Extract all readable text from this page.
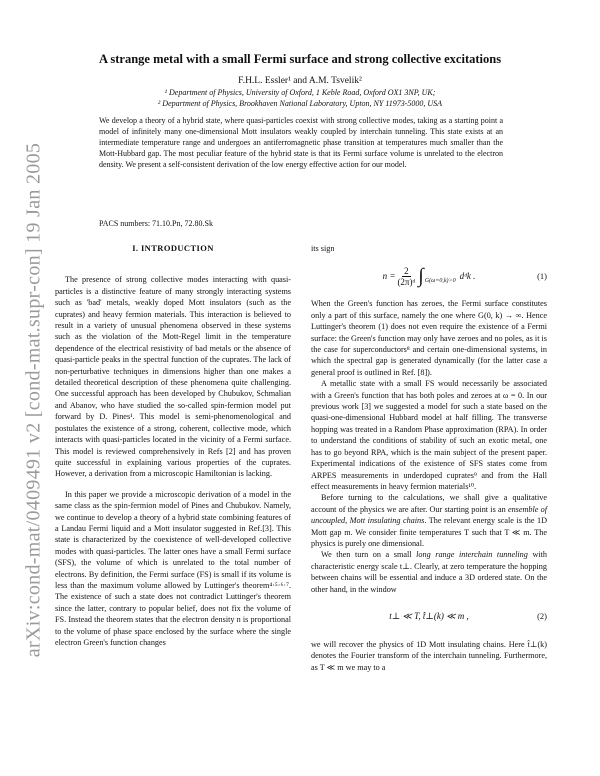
arXiv:cond-mat/0409491 v2 [cond-mat.supr-con] 19 Jan 2005
A strange metal with a small Fermi surface and strong collective excitations
F.H.L. Essler¹ and A.M. Tsvelik²
¹ Department of Physics, University of Oxford, 1 Keble Road, Oxford OX1 3NP, UK;
² Department of Physics, Brookhaven National Laboratory, Upton, NY 11973-5000, USA
We develop a theory of a hybrid state, where quasi-particles coexist with strong collective modes, taking as a starting point a model of infinitely many one-dimensional Mott insulators weakly coupled by interchain tunneling. This state exists at an intermediate temperature range and undergoes an antiferromagnetic phase transition at temperatures much smaller than the Mott-Hubbard gap. The most peculiar feature of the hybrid state is that its Fermi surface volume is unrelated to the electron density. We present a self-consistent derivation of the low energy effective action for our model.
PACS numbers: 71.10.Pn, 72.80.Sk
I. INTRODUCTION

The presence of strong collective modes interacting with quasi-particles is a distinctive feature of many strongly interacting systems such as 'bad' metals, weakly doped Mott insulators (such as the cuprates) and heavy fermion materials. This interaction is believed to result in a variety of unusual phenomena observed in these systems such as the violation of the Mott-Regel limit in the temperature dependence of the electrical resistivity of bad metals or the absence of quasi-particle peaks in the spectral function of the cuprates. The lack of non-perturbative techniques in dimensions higher than one makes a detailed theoretical description of these phenomena quite challenging. One successful approach has been developed by Chubukov, Schmalian and Abanov, who have studied the so-called spin-fermion model put forward by D. Pines¹. This model is semi-phenomenological and postulates the existence of a strong, coherent, collective mode, which interacts with quasi-particles located in the vicinity of a Fermi surface. This model is reviewed comprehensively in Refs [2] and has proven quite successful in explaining various properties of the cuprates. However, a derivation from a microscopic Hamiltonian is lacking.

In this paper we provide a microscopic derivation of a model in the same class as the spin-fermion model of Pines and Chubukov. Namely, we continue to develop a theory of a hybrid state combining features of a Landau Fermi liquid and a Mott insulator suggested in Ref.[3]. This state is characterized by the coexistence of well-developed collective modes with quasi-particles. The latter ones have a small Fermi surface (SFS), the volume of which is unrelated to the total number of electrons. By definition, the Fermi surface (FS) is small if its volume is less than the maximum volume allowed by Luttinger's theorem⁴·⁵·⁶·⁷. The existence of such a state does not contradict Luttinger's theorem since the latter, contrary to popular belief, does not fix the volume of FS. Instead the theorem states that the electron density n is proportional to the volume of phase space enclosed by the surface where the single electron Green's function changes

its sign

$n = \frac{2}{\text{(2π)ᵈ}}$ ∫ G(ω=0,k)>0 dᵈk .	(1)

When the Green's function has zeroes, the Fermi surface constitutes only a part of this surface, namely the one where G(0, k) → ∞. Hence Luttinger's theorem (1) does not even require the existence of a Fermi surface: the Green's function may only have zeroes and no poles, as it is the case for superconductors⁸ and certain one-dimensional systems, in which the spectral gap is generated dynamically (for the latter case a general proof is outlined in Ref. [8]).

A metallic state with a small FS would necessarily be associated with a Green's function that has both poles and zeroes at ω = 0. In our previous work [3] we suggested a model for such a state based on the quasi-one-dimensional Hubbard model at half filling. The transverse hopping was treated in a Random Phase approximation (RPA). In order to understand the conditions of stability of such an exotic metal, one has to go beyond RPA, which is the main subject of the present paper. Experimental indications of the existence of SFS states come from ARPES measurements in underdoped cuprates⁹ and from the Hall effect measurements in heavy fermion materials¹⁰.

Before turning to the calculations, we shall give a qualitative account of the physics we are after. Our starting point is an ensemble of uncoupled, Mott insulating chains. The relevant energy scale is the 1D Mott gap m. We consider finite temperatures T such that T ≪ m. The physics is purely one dimensional.

We then turn on a small long range interchain tunneling with characteristic energy scale t⊥. Clearly, at zero temperature the hopping between chains will be essential and induce a 3D ordered state. On the other hand, in the window

t⊥ ≪ T, t̂⊥(k) ≪ m ,	(2)

we will recover the physics of 1D Mott insulating chains. Here t̂⊥(k) denotes the Fourier transform of the interchain tunneling. Furthermore, as T ≪ m we may to a
